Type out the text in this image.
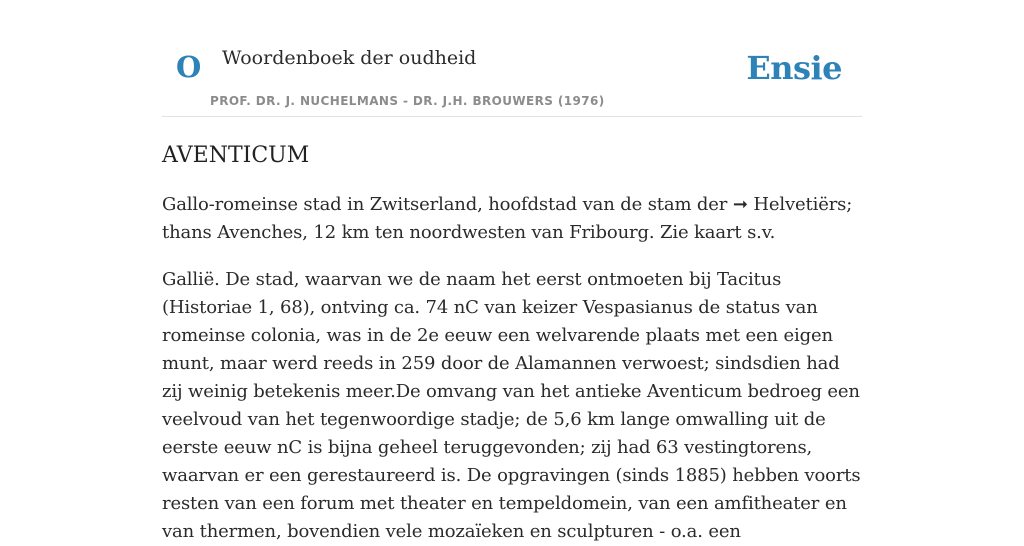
O Woordenboek der oudheid
PROF. DR. J. NUCHELMANS - DR. J.H. BROUWERS (1976)
Ensie
AVENTICUM

Gallo-romeinse stad in Zwitserland, hoofdstad van de stam der ➞ Helvetiërs; thans Avenches, 12 km ten noordwesten van Fribourg. Zie kaart s.v.

Gallië. De stad, waarvan we de naam het eerst ontmoeten bij Tacitus (Historiae 1, 68), ontving ca. 74 nC van keizer Vespasianus de status van romeinse colonia, was in de 2e eeuw een welvarende plaats met een eigen munt, maar werd reeds in 259 door de Alamannen verwoest; sindsdien had zij weinig betekenis meer.De omvang van het antieke Aventicum bedroeg een veelvoud van het tegenwoordige stadje; de 5,6 km lange omwalling uit de eerste eeuw nC is bijna geheel teruggevonden; zij had 63 vestingtorens, waarvan er een gerestaureerd is. De opgravingen (sinds 1885) hebben voorts resten van een forum met theater en tempeldomein, van een amfitheater en van thermen, bovendien vele mozaïeken en sculpturen - o.a. een
